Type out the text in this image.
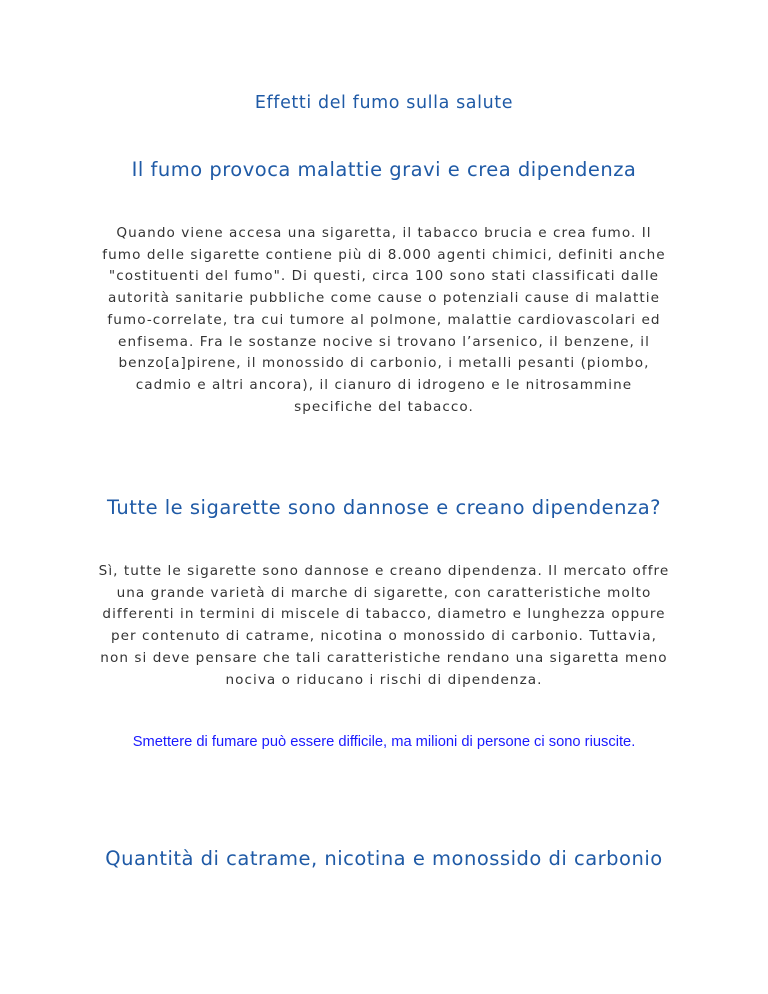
Effetti del fumo sulla salute
Il fumo provoca malattie gravi e crea dipendenza

Quando viene accesa una sigaretta, il tabacco brucia e crea fumo. Il fumo delle sigarette contiene più di 8.000 agenti chimici, definiti anche "costituenti del fumo". Di questi, circa 100 sono stati classificati dalle autorità sanitarie pubbliche come cause o potenziali cause di malattie fumo-correlate, tra cui tumore al polmone, malattie cardiovascolari ed enfisema. Fra le sostanze nocive si trovano l’arsenico, il benzene, il benzo[a]pirene, il monossido di carbonio, i metalli pesanti (piombo, cadmio e altri ancora), il cianuro di idrogeno e le nitrosammine specifiche del tabacco.

Tutte le sigarette sono dannose e creano dipendenza?

Sì, tutte le sigarette sono dannose e creano dipendenza. Il mercato offre una grande varietà di marche di sigarette, con caratteristiche molto differenti in termini di miscele di tabacco, diametro e lunghezza oppure per contenuto di catrame, nicotina o monossido di carbonio. Tuttavia, non si deve pensare che tali caratteristiche rendano una sigaretta meno nociva o riducano i rischi di dipendenza.

Smettere di fumare può essere difficile, ma milioni di persone ci sono riuscite.
Quantità di catrame, nicotina e monossido di carbonio
